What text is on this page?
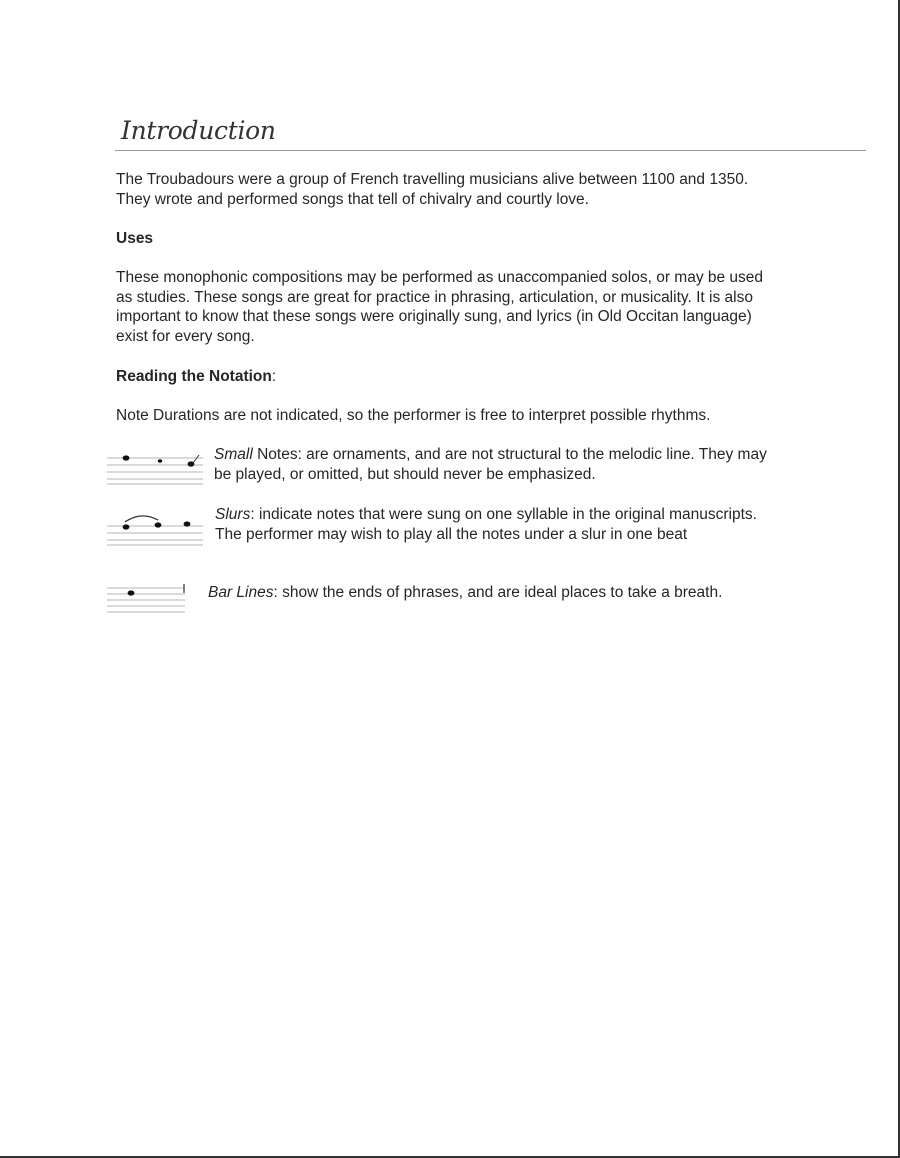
Introduction

The Troubadours were a group of French travelling musicians alive between 1100 and 1350. They wrote and performed songs that tell of chivalry and courtly love.

Uses

These monophonic compositions may be performed as unaccompanied solos, or may be used as studies. These songs are great for practice in phrasing, articulation, or musicality. It is also important to know that these songs were originally sung, and lyrics (in Old Occitan language) exist for every song.

Reading the Notation:

Note Durations are not indicated, so the performer is free to interpret possible rhythms.

Small Notes: are ornaments, and are not structural to the melodic line. They may be played, or omitted, but should never be emphasized.

Slurs: indicate notes that were sung on one syllable in the original manuscripts. The performer may wish to play all the notes under a slur in one beat

Bar Lines: show the ends of phrases, and are ideal places to take a breath.
